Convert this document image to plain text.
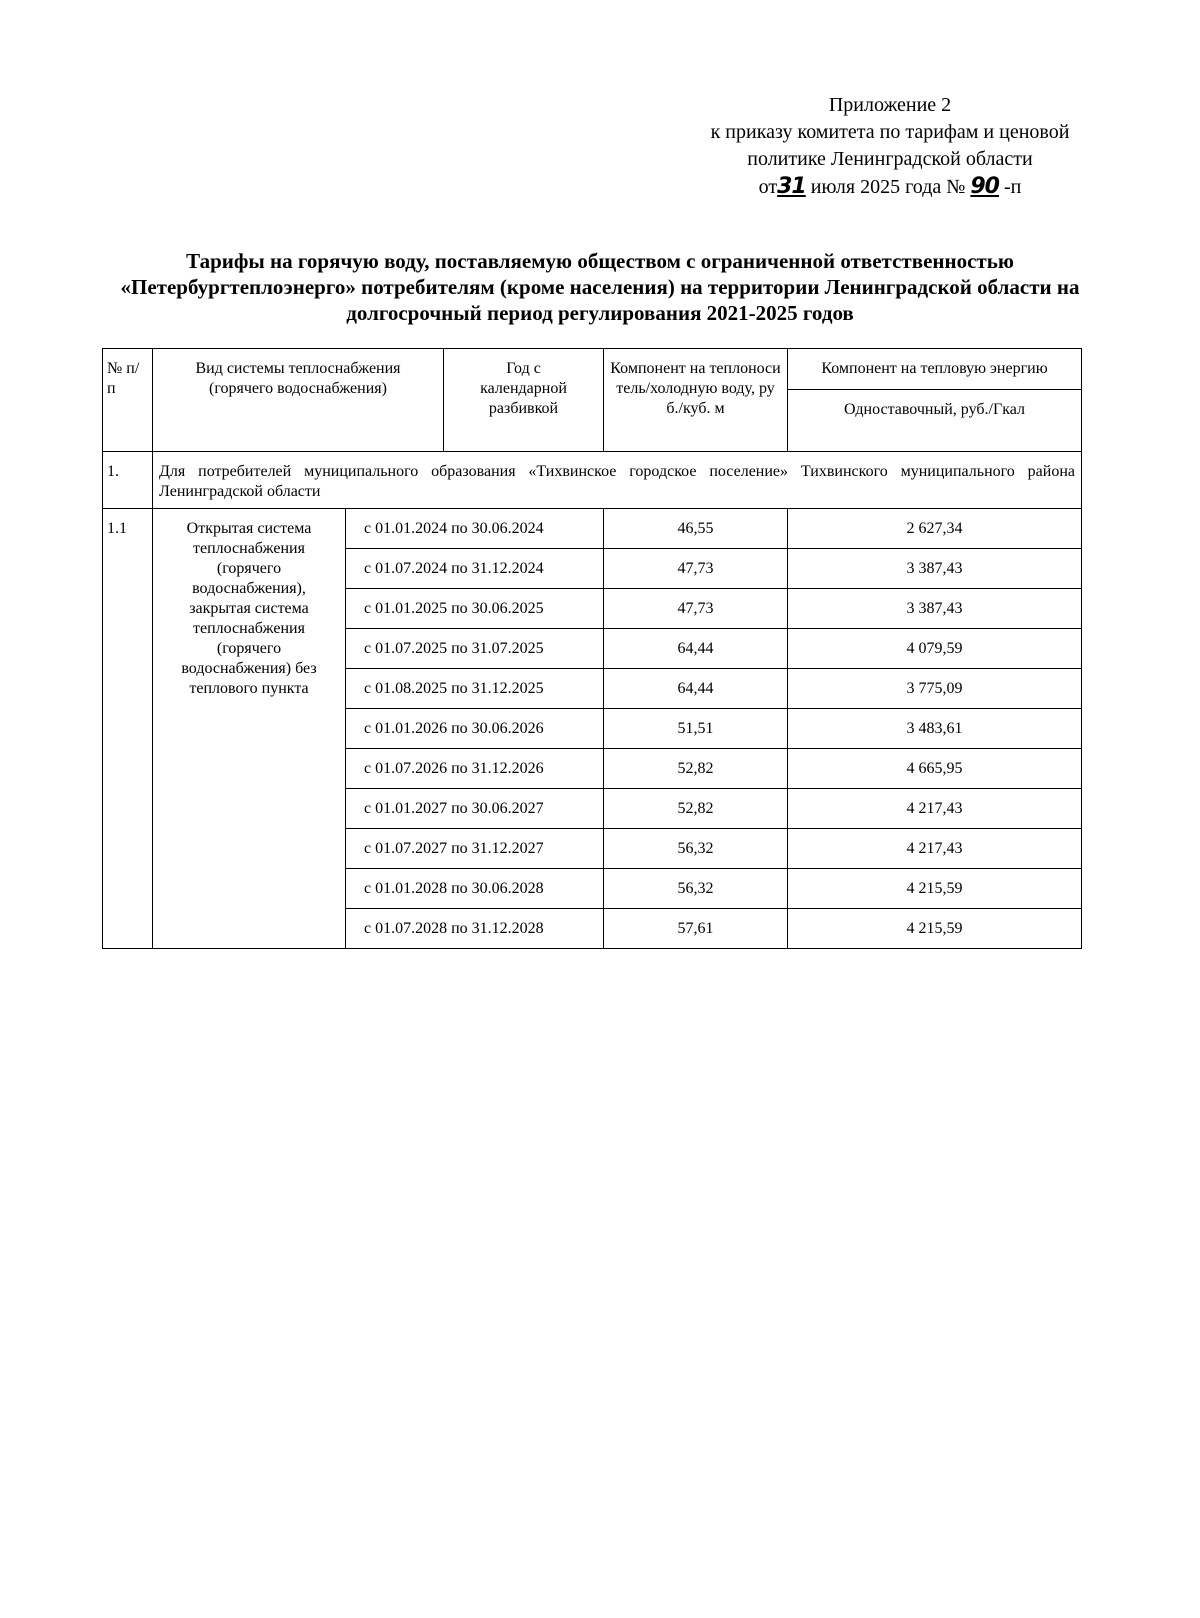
Приложение 2
к приказу комитета по тарифам и ценовой
политике Ленинградской области
от31 июля 2025 года № 90 -п
Тарифы на горячую воду, поставляемую обществом с ограниченной ответственностью «Петербургтеплоэнерго» потребителям (кроме населения) на территории Ленинградской области на долгосрочный период регулирования 2021-2025 годов
№ п/п	Вид системы теплоснабжения (горячего водоснабжения)		Год с календарной разбивкой	Компонент на теплоноситель/холодную воду, руб./куб. м	Компонент на тепловую энергию
					Одноставочный, руб./Гкал
1.	Для потребителей муниципального образования «Тихвинское городское поселение» Тихвинского муниципального района Ленинградской области				
1.1	Открытая система теплоснабжения (горячего водоснабжения), закрытая система теплоснабжения (горячего водоснабжения) без теплового пункта	с 01.01.2024 по 30.06.2024		46,55	2 627,34
		с 01.07.2024 по 31.12.2024		47,73	3 387,43
		с 01.01.2025 по 30.06.2025		47,73	3 387,43
		с 01.07.2025 по 31.07.2025		64,44	4 079,59
		с 01.08.2025 по 31.12.2025		64,44	3 775,09
		с 01.01.2026 по 30.06.2026		51,51	3 483,61
		с 01.07.2026 по 31.12.2026		52,82	4 665,95
		с 01.01.2027 по 30.06.2027		52,82	4 217,43
		с 01.07.2027 по 31.12.2027		56,32	4 217,43
		с 01.01.2028 по 30.06.2028		56,32	4 215,59
		с 01.07.2028 по 31.12.2028		57,61	4 215,59
